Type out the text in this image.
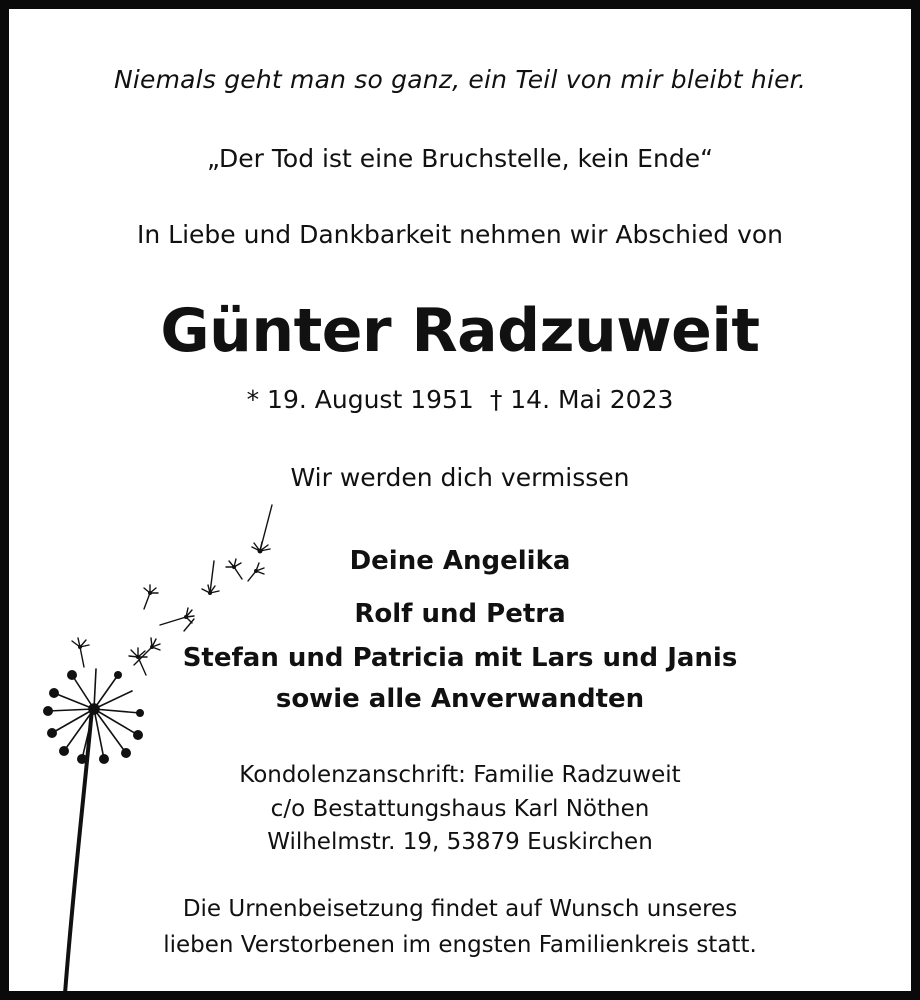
Niemals geht man so ganz, ein Teil von mir bleibt hier.
„Der Tod ist eine Bruchstelle, kein Ende“
In Liebe und Dankbarkeit nehmen wir Abschied von
Günter Radzuweit
* 19. August 1951 † 14. Mai 2023
Wir werden dich vermissen
Deine Angelika
Rolf und Petra
Stefan und Patricia mit Lars und Janis
sowie alle Anverwandten
Kondolenzanschrift: Familie Radzuweit
c/o Bestattungshaus Karl Nöthen
Wilhelmstr. 19, 53879 Euskirchen
Die Urnenbeisetzung findet auf Wunsch unseres
lieben Verstorbenen im engsten Familienkreis statt.
